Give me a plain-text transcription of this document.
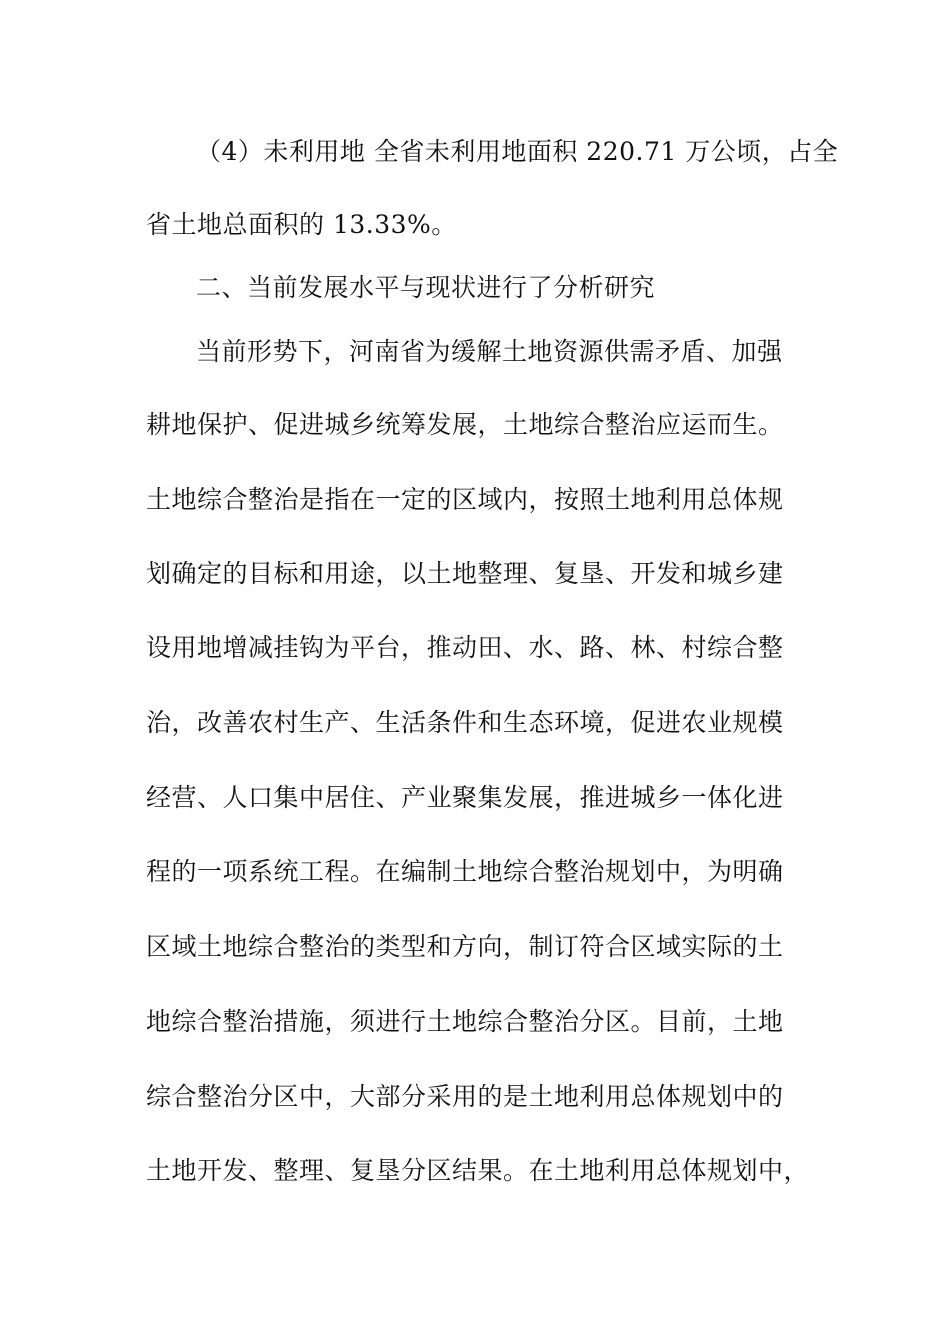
（4）未利用地 全省未利用地面积 220.71 万公顷，占全
省土地总面积的 13.33%。
二、当前发展水平与现状进行了分析研究
当前形势下，河南省为缓解土地资源供需矛盾、加强
耕地保护、促进城乡统筹发展，土地综合整治应运而生。
土地综合整治是指在一定的区域内，按照土地利用总体规
划确定的目标和用途，以土地整理、复垦、开发和城乡建
设用地增减挂钩为平台，推动田、水、路、林、村综合整
治，改善农村生产、生活条件和生态环境，促进农业规模
经营、人口集中居住、产业聚集发展，推进城乡一体化进
程的一项系统工程。在编制土地综合整治规划中，为明确
区域土地综合整治的类型和方向，制订符合区域实际的土
地综合整治措施，须进行土地综合整治分区。目前，土地
综合整治分区中，大部分采用的是土地利用总体规划中的
土地开发、整理、复垦分区结果。在土地利用总体规划中，
